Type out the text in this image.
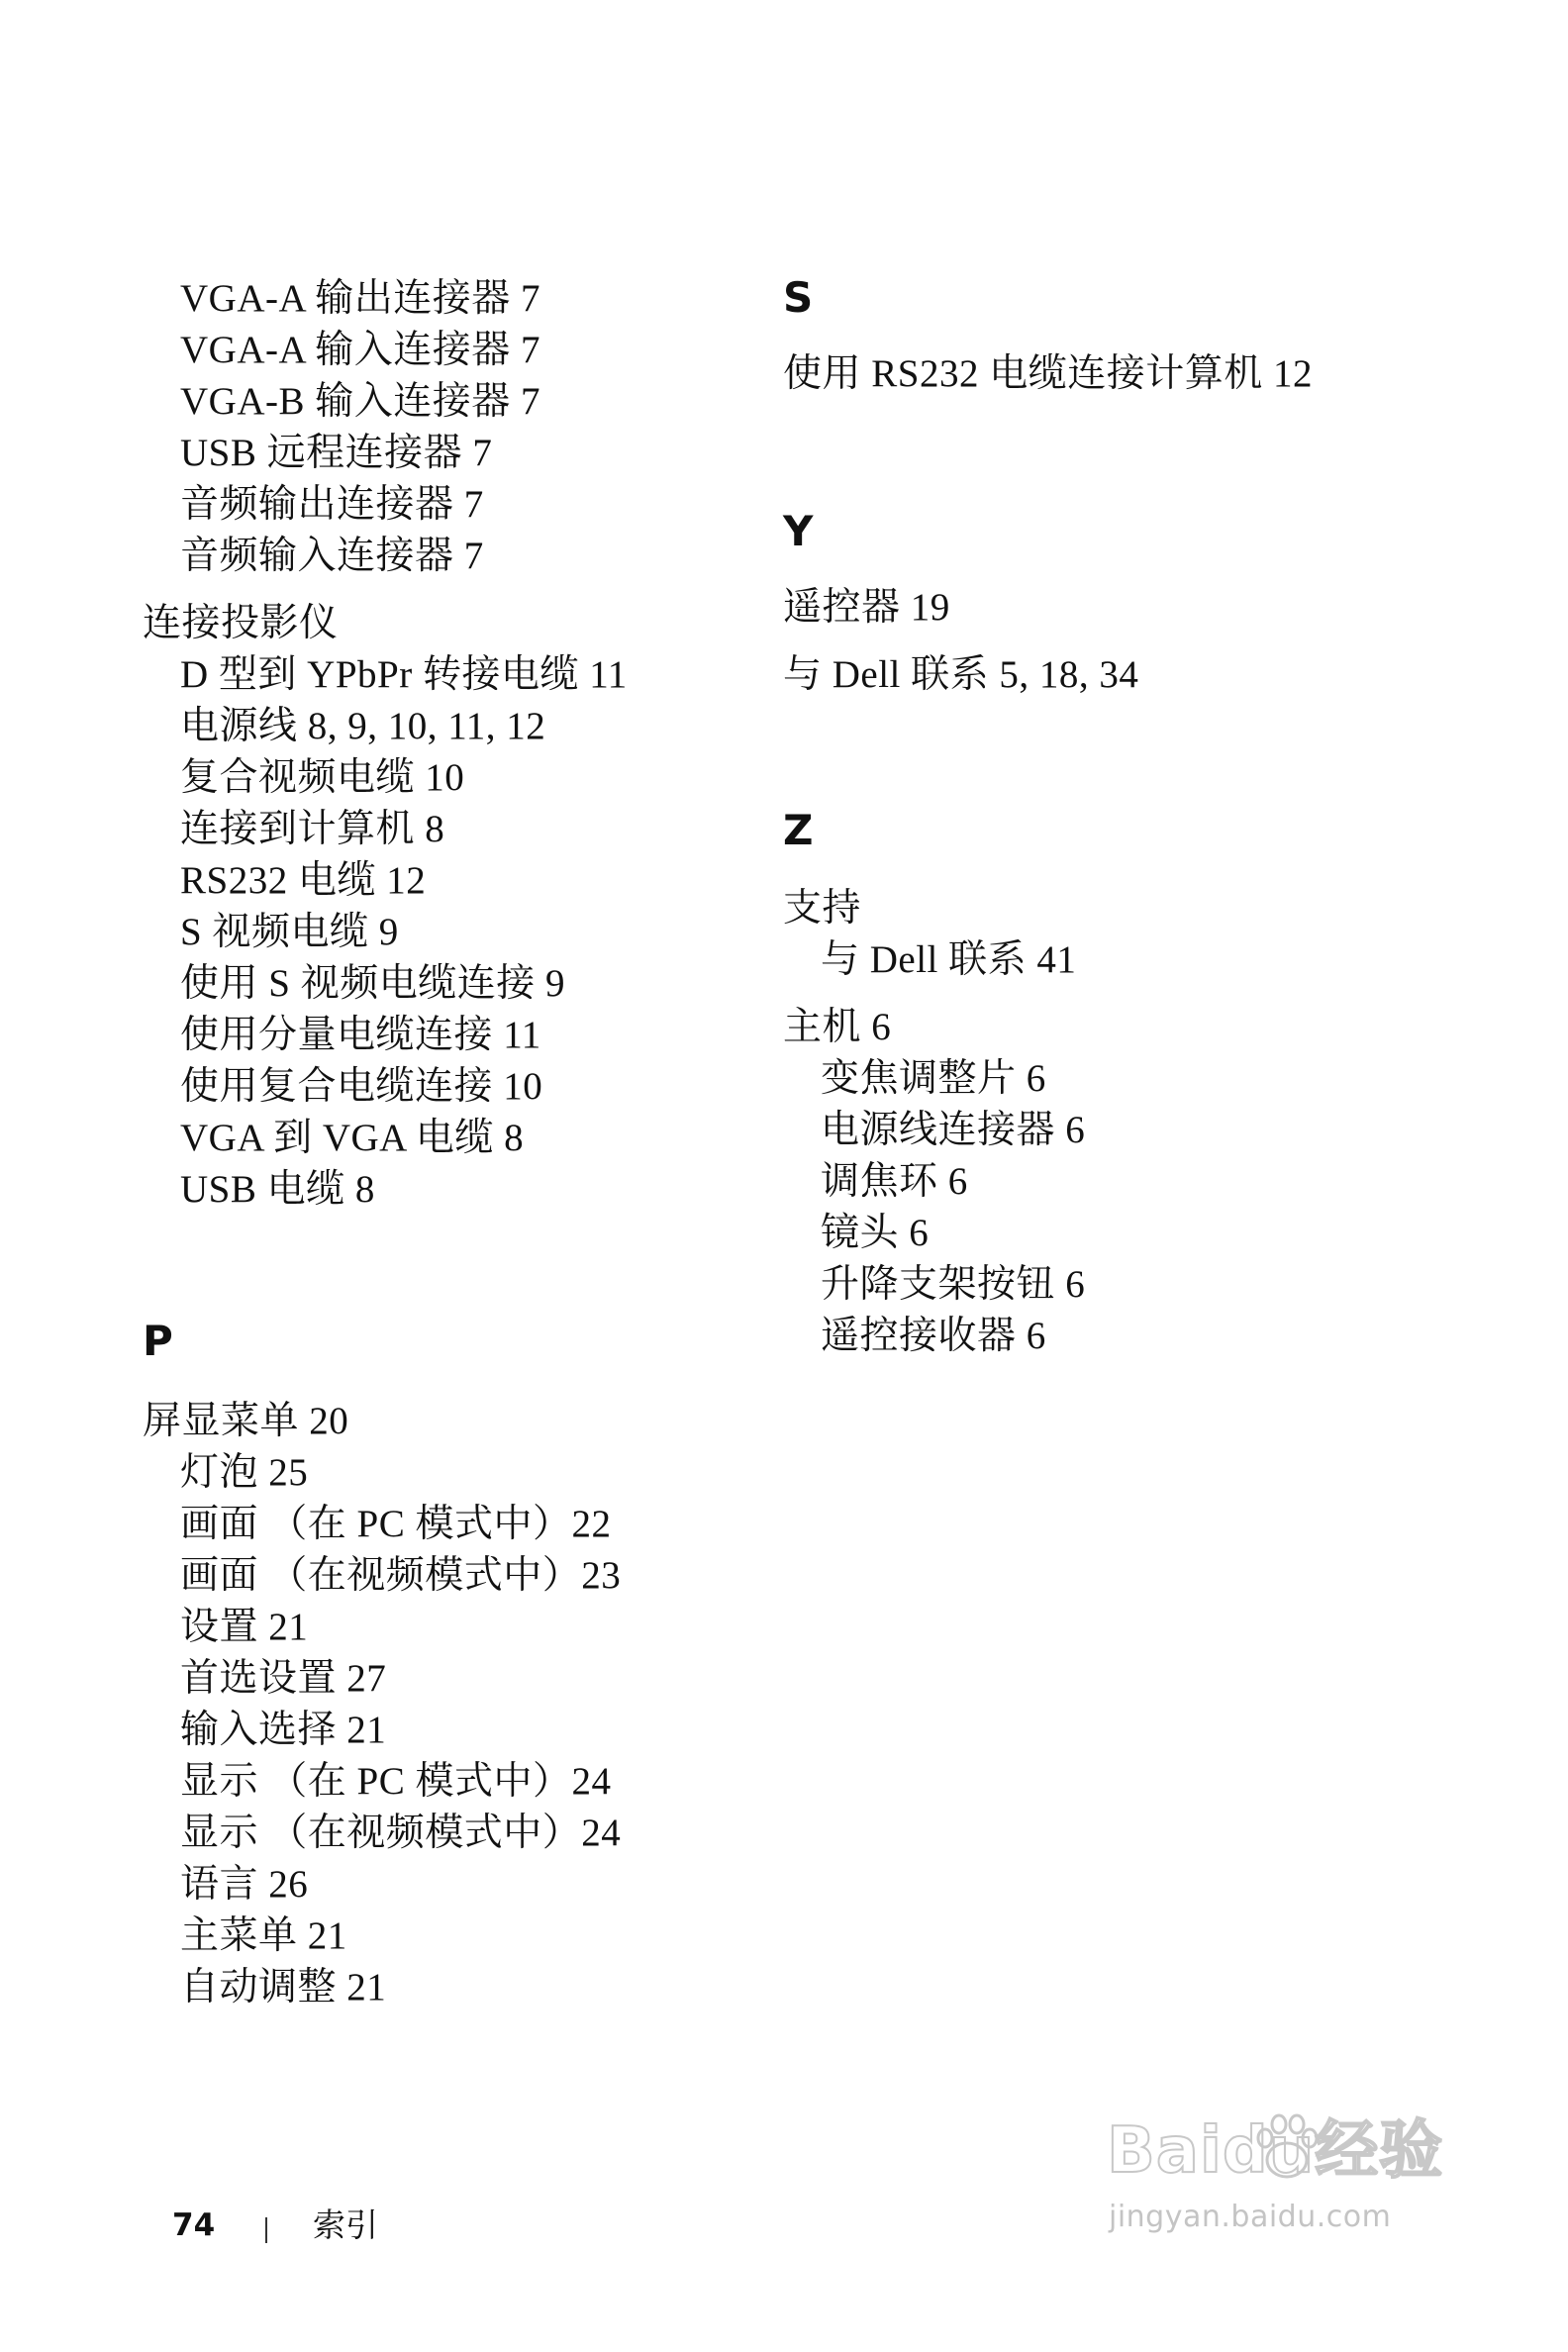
VGA-A 输出连接器 7
VGA-A 输入连接器 7
VGA-B 输入连接器 7
USB 远程连接器 7
音频输出连接器 7
音频输入连接器 7
连接投影仪
D 型到 YPbPr 转接电缆 11
电源线 8, 9, 10, 11, 12
复合视频电缆 10
连接到计算机 8
RS232 电缆 12
S 视频电缆 9
使用 S 视频电缆连接 9
使用分量电缆连接 11
使用复合电缆连接 10
VGA 到 VGA 电缆 8
USB 电缆 8
P
屏显菜单 20
灯泡 25
画面 （在 PC 模式中）22
画面 （在视频模式中）23
设置 21
首选设置 27
输入选择 21
显示 （在 PC 模式中）24
显示 （在视频模式中）24
语言 26
主菜单 21
自动调整 21
S
使用 RS232 电缆连接计算机 12
Y
遥控器 19
与 Dell 联系 5, 18, 34
Z
支持
与 Dell 联系 41
主机 6
变焦调整片 6
电源线连接器 6
调焦环 6
镜头 6
升降支架按钮 6
遥控接收器 6
74	索引
Baidu经验
jingyan.baidu.com
